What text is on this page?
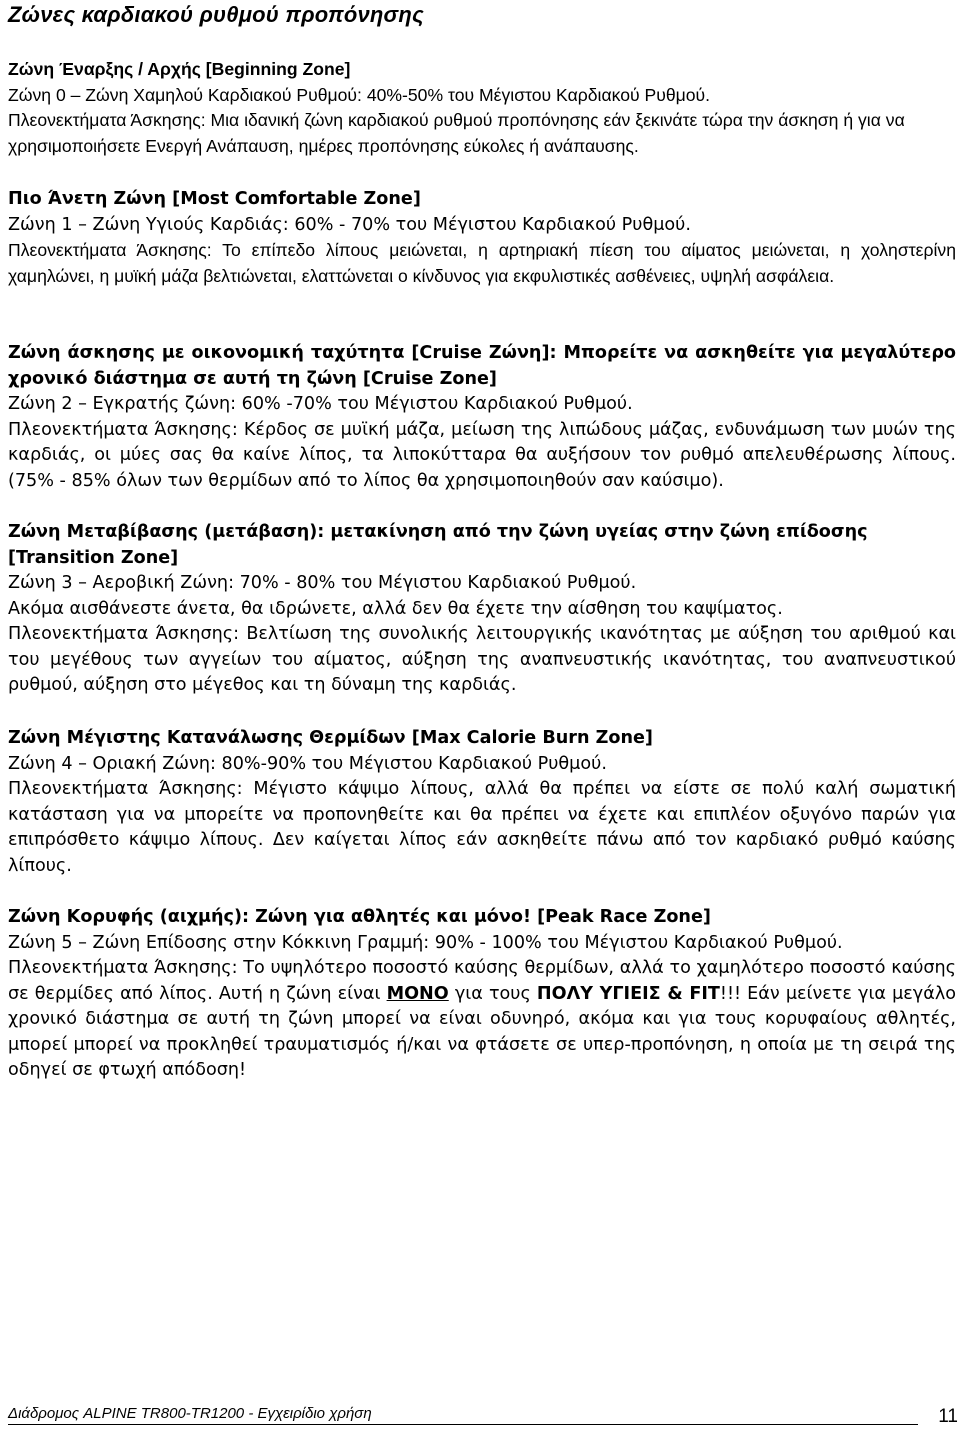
Ζώνες καρδιακού ρυθμού προπόνησης

Ζώνη Έναρξης / Αρχής [Beginning Zone]

Ζώνη 0 – Ζώνη Χαμηλού Καρδιακού Ρυθμού: 40%-50% του Μέγιστου Καρδιακού Ρυθμού.

Πλεονεκτήματα Άσκησης: Μια ιδανική ζώνη καρδιακού ρυθμού προπόνησης εάν ξεκινάτε τώρα την άσκηση ή για να χρησιμοποιήσετε Ενεργή Ανάπαυση, ημέρες προπόνησης εύκολες ή ανάπαυσης.

Πιο Άνετη Ζώνη [Most Comfortable Zone]

Ζώνη 1 – Ζώνη Υγιούς Καρδιάς: 60% - 70% του Μέγιστου Καρδιακού Ρυθμού.

Πλεονεκτήματα Άσκησης: Το επίπεδο λίπους μειώνεται, η αρτηριακή πίεση του αίματος μειώνεται, η χοληστερίνη χαμηλώνει, η μυϊκή μάζα βελτιώνεται, ελαττώνεται ο κίνδυνος για εκφυλιστικές ασθένειες, υψηλή ασφάλεια.

Ζώνη άσκησης με οικονομική ταχύτητα [Cruise Ζώνη]: Μπορείτε να ασκηθείτε για μεγαλύτερο χρονικό διάστημα σε αυτή τη ζώνη [Cruise Zone]

Ζώνη 2 – Εγκρατής ζώνη: 60% -70% του Μέγιστου Καρδιακού Ρυθμού.

Πλεονεκτήματα Άσκησης: Κέρδος σε μυϊκή μάζα, μείωση της λιπώδους μάζας, ενδυνάμωση των μυών της καρδιάς, οι μύες σας θα καίνε λίπος, τα λιποκύτταρα θα αυξήσουν τον ρυθμό απελευθέρωσης λίπους. (75% - 85% όλων των θερμίδων από το λίπος θα χρησιμοποιηθούν σαν καύσιμο).

Ζώνη Μεταβίβασης (μετάβαση): μετακίνηση από την ζώνη υγείας στην ζώνη επίδοσης [Transition Zone]

Ζώνη 3 – Αεροβική Ζώνη: 70% - 80% του Μέγιστου Καρδιακού Ρυθμού.

Ακόμα αισθάνεστε άνετα, θα ιδρώνετε, αλλά δεν θα έχετε την αίσθηση του καψίματος.

Πλεονεκτήματα Άσκησης: Βελτίωση της συνολικής λειτουργικής ικανότητας με αύξηση του αριθμού και του μεγέθους των αγγείων του αίματος, αύξηση της αναπνευστικής ικανότητας, του αναπνευστικού ρυθμού, αύξηση στο μέγεθος και τη δύναμη της καρδιάς.

Ζώνη Μέγιστης Κατανάλωσης Θερμίδων [Max Calorie Burn Zone]

Ζώνη 4 – Οριακή Ζώνη: 80%-90% του Μέγιστου Καρδιακού Ρυθμού.

Πλεονεκτήματα Άσκησης: Μέγιστο κάψιμο λίπους, αλλά θα πρέπει να είστε σε πολύ καλή σωματική κατάσταση για να μπορείτε να προπονηθείτε και θα πρέπει να έχετε και επιπλέον οξυγόνο παρών για επιπρόσθετο κάψιμο λίπους. Δεν καίγεται λίπος εάν ασκηθείτε πάνω από τον καρδιακό ρυθμό καύσης λίπους.

Ζώνη Κορυφής (αιχμής): Ζώνη για αθλητές και μόνο! [Peak Race Zone]

Ζώνη 5 – Ζώνη Επίδοσης στην Κόκκινη Γραμμή: 90% - 100% του Μέγιστου Καρδιακού Ρυθμού.

Πλεονεκτήματα Άσκησης: Το υψηλότερο ποσοστό καύσης θερμίδων, αλλά το χαμηλότερο ποσοστό καύσης σε θερμίδες από λίπος. Αυτή η ζώνη είναι ΜΟΝΟ για τους ΠΟΛΥ ΥΓΙΕΙΣ & FIT!!! Εάν μείνετε για μεγάλο χρονικό διάστημα σε αυτή τη ζώνη μπορεί να είναι οδυνηρό, ακόμα και για τους κορυφαίους αθλητές, μπορεί μπορεί να προκληθεί τραυματισμός ή/και να φτάσετε σε υπερ-προπόνηση, η οποία με τη σειρά της οδηγεί σε φτωχή απόδοση!

Διάδρομος ALPINE TR800-TR1200 - Εγχειρίδιο χρήση	11
